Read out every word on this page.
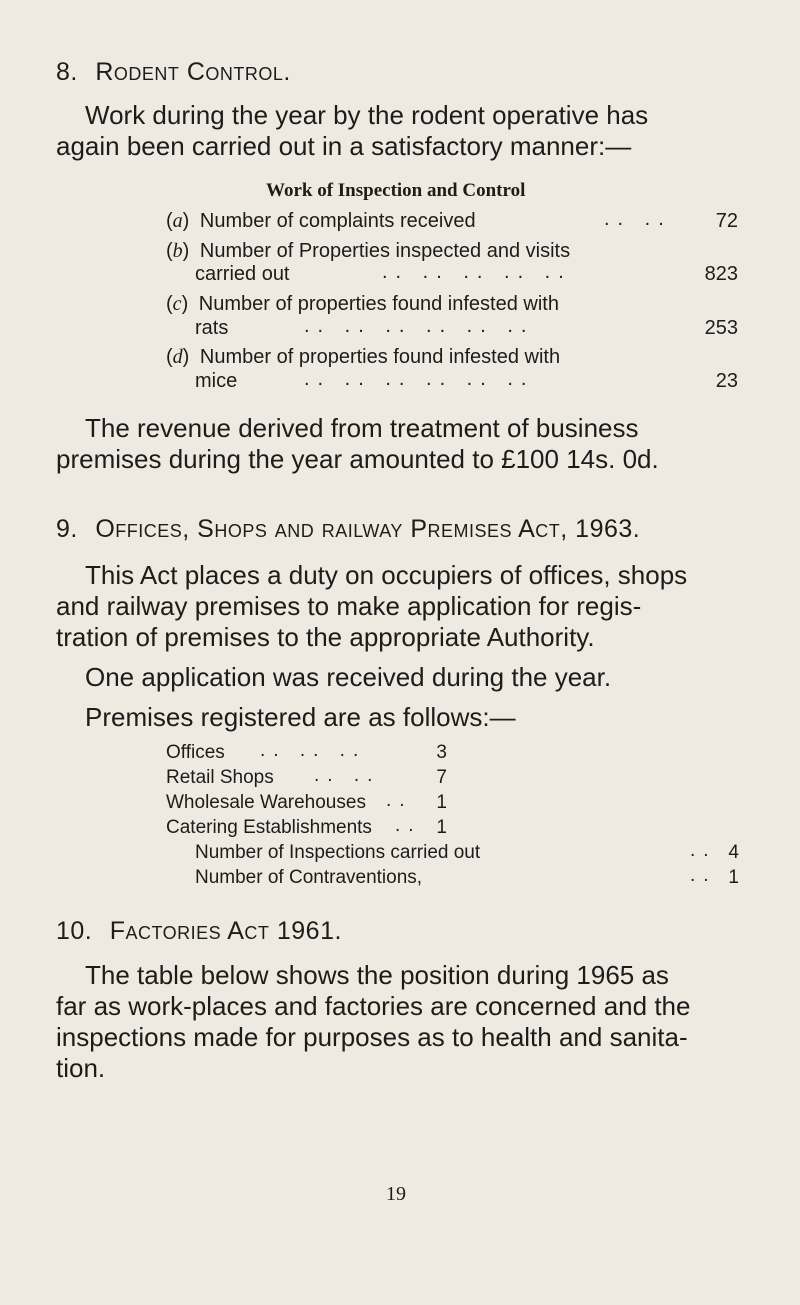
8. Rodent Control.
Work during the year by the rodent operative has
again been carried out in a satisfactory manner:—
Work of Inspection and Control
(a) Number of complaints received	.. ..	72
(b) Number of Properties inspected and visits
carried out	.. .. .. .. ..	823
(c) Number of properties found infested with
rats	.. .. .. .. .. ..	253
(d) Number of properties found infested with
mice	.. .. .. .. .. ..	23
The revenue derived from treatment of business
premises during the year amounted to £100 14s. 0d.
9. Offices, Shops and railway Premises Act, 1963.
This Act places a duty on occupiers of offices, shops
and railway premises to make application for regis-
tration of premises to the appropriate Authority.
One application was received during the year.
Premises registered are as follows:—
Offices .. .. ..	3
Retail Shops .. ..	7
Wholesale Warehouses .. 1
Catering Establishments .. 1
Number of Inspections carried out	.. 4
Number of Contraventions,	.. 1
10. Factories Act 1961.
The table below shows the position during 1965 as
far as work-places and factories are concerned and the
inspections made for purposes as to health and sanita-
tion.
19
